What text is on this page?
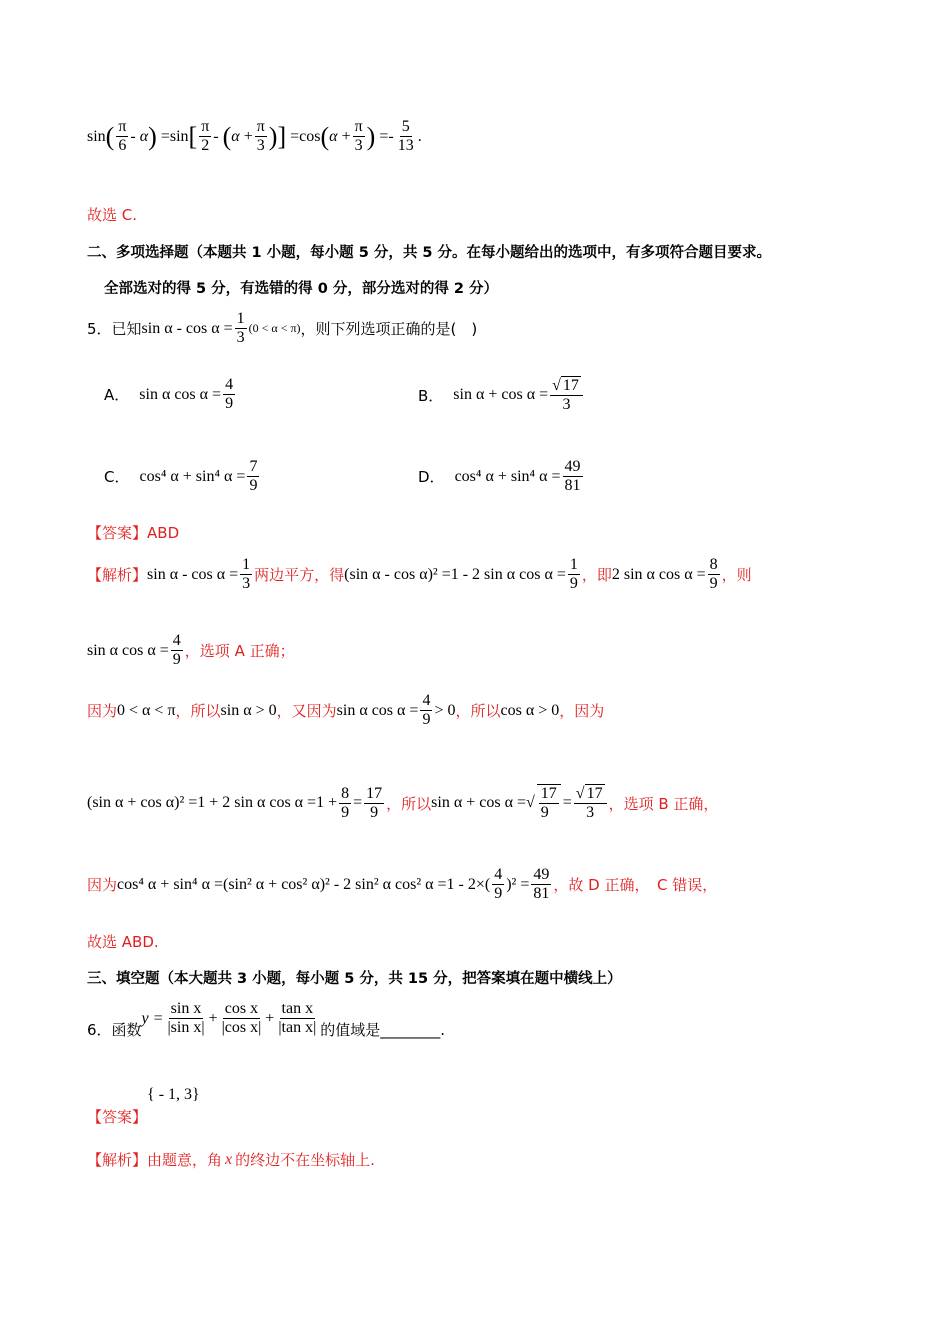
sin ( $\frac{\pi}{6}$ -
α )
= sin [ $\frac{\pi}{2}$ -
( α
+ $\frac{\pi}{3}$ )]
= cos ( α
+ $\frac{\pi}{3}$ )
= - $\frac{5}{13}$ .
故选 C.
二、多项选择题（本题共 1 小题，每小题 5 分，共 5 分。在每小题给出的选项中，有多项符合题目要求。
全部选对的得 5 分，有选错的得 0 分，部分选对的得 2 分）
5．已知 $\sin \alpha - \cos \alpha = \frac{1}{3} (0 < \alpha < \pi)$ ，则下列选项正确的是(　)
A． sin α $\cos \alpha = \frac{4}{9}$	B． $\sin \alpha + \cos \alpha = \frac{√ 17}{3}$
C． cos⁴ α + sin⁴ $\alpha = \frac{7}{9}$	D． cos⁴ α + sin⁴ $\alpha = \frac{49}{81}$
【答案】ABD
【解析】 $\sin \alpha - \cos \alpha = \frac{1}{3}$ 两边平方，得 (sin α - cos α)² =1 - 2 sin α $\cos \alpha = \frac{1}{9}$ ，即 2 sin α $\cos \alpha = \frac{8}{9}$ ，则
sin α $\cos \alpha = \frac{4}{9}$ ，选项 A 正确；
因为 0 < α < π ，所以 sin α > 0 ，又因为 sin α $\cos \alpha = \frac{4}{9} > 0$ ，所以 cos α > 0 ，因为
(sin α + cos α)² =1 + 2 sin α $\cos \alpha =1 + \frac{8}{9} = \frac{17}{9}$ ，所以 sin α + cos α = √ $\frac{17}{9} = \frac{√ 17}{3}$ ，选项 B 正确，
因为 cos⁴ α + sin⁴ α =(sin² α + cos² α)² - 2 sin² α cos² $\alpha =1 - 2\times( \frac{4}{9} )^2 = \frac{49}{81}$ ，故 D 正确，　C 错误，
故选 ABD.
三、填空题（本大题共 3 小题，每小题 5 分，共 15 分，把答案填在题中横线上）
6．函数
$y = \frac{\text{sin x}}{\text{|sin x|}} + \frac{\text{cos x}}{\text{|cos x|}} + \frac{\text{tan x}}{\text{|tan x|}}$ 的值域是________.
【答案】
{ - 1, 3}
【解析】 由题意，角 x 的终边不在坐标轴上.
